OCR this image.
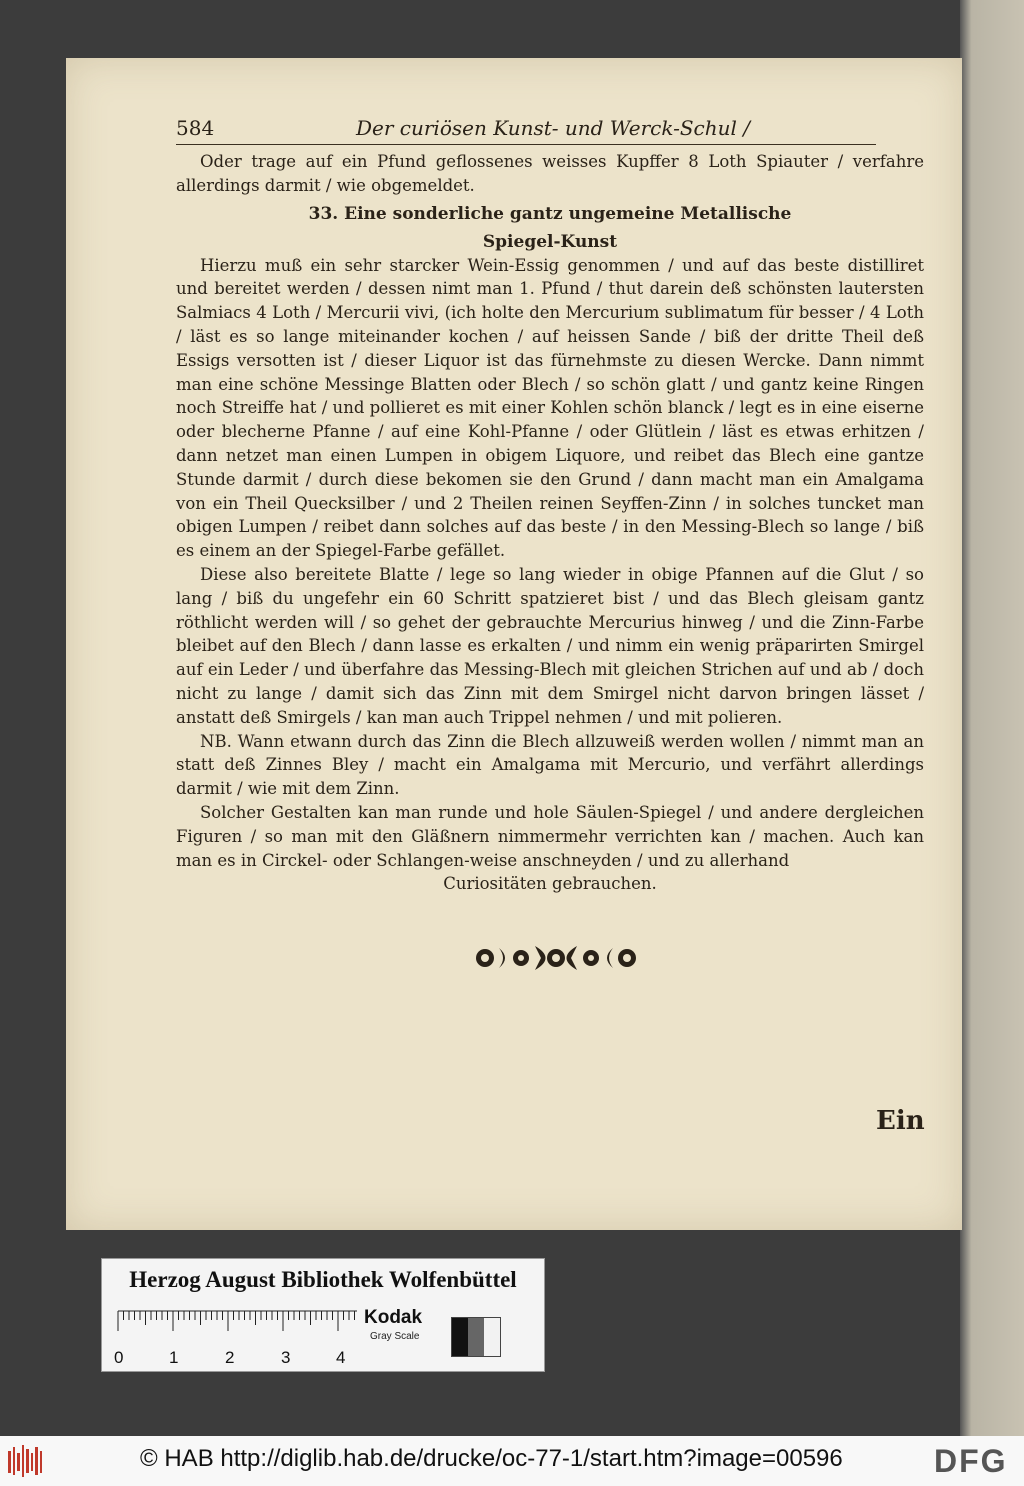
584	Der curiösen Kunst- und Werck-Schul /

Oder trage auf ein Pfund geflossenes weisses Kupffer 8 Loth Spiauter / verfahre allerdings darmit / wie obgemeldet.

33. Eine sonderliche gantz ungemeine Metallische
Spiegel-Kunst

Hierzu muß ein sehr starcker Wein-Essig genommen / und auf das beste distilliret und bereitet werden / dessen nimt man 1. Pfund / thut darein deß schönsten lautersten Salmiacs 4 Loth / Mercurii vivi, (ich holte den Mercurium sublimatum für besser / 4 Loth / läst es so lange miteinander kochen / auf heissen Sande / biß der dritte Theil deß Essigs versotten ist / dieser Liquor ist das fürnehmste zu diesen Wercke. Dann nimmt man eine schöne Messinge Blatten oder Blech / so schön glatt / und gantz keine Ringen noch Streiffe hat / und pollieret es mit einer Kohlen schön blanck / legt es in eine eiserne oder blecherne Pfanne / auf eine Kohl-Pfanne / oder Glütlein / läst es etwas erhitzen / dann netzet man einen Lumpen in obigem Liquore, und reibet das Blech eine gantze Stunde darmit / durch diese bekomen sie den Grund / dann macht man ein Amalgama von ein Theil Quecksilber / und 2 Theilen reinen Seyffen-Zinn / in solches tuncket man obigen Lumpen / reibet dann solches auf das beste / in den Messing-Blech so lange / biß es einem an der Spiegel-Farbe gefället.

Diese also bereitete Blatte / lege so lang wieder in obige Pfannen auf die Glut / so lang / biß du ungefehr ein 60 Schritt spatzieret bist / und das Blech gleisam gantz röthlicht werden will / so gehet der gebrauchte Mercurius hinweg / und die Zinn-Farbe bleibet auf den Blech / dann lasse es erkalten / und nimm ein wenig präparirten Smirgel auf ein Leder / und überfahre das Messing-Blech mit gleichen Strichen auf und ab / doch nicht zu lange / damit sich das Zinn mit dem Smirgel nicht darvon bringen lässet / anstatt deß Smirgels / kan man auch Trippel nehmen / und mit polieren.

NB. Wann etwann durch das Zinn die Blech allzuweiß werden wollen / nimmt man an statt deß Zinnes Bley / macht ein Amalgama mit Mercurio, und verfährt allerdings darmit / wie mit dem Zinn.

Solcher Gestalten kan man runde und hole Säulen-Spiegel / und andere dergleichen Figuren / so man mit den Gläßnern nimmermehr verrichten kan / machen. Auch kan man es in Circkel- oder Schlangen-weise anschneyden / und zu allerhand

Curiositäten gebrauchen.

Ein
Herzog August Bibliothek Wolfenbüttel
0	1	2	3	4
Kodak
Gray Scale
© HAB http://diglib.hab.de/drucke/oc-77-1/start.htm?image=00596	DFG
